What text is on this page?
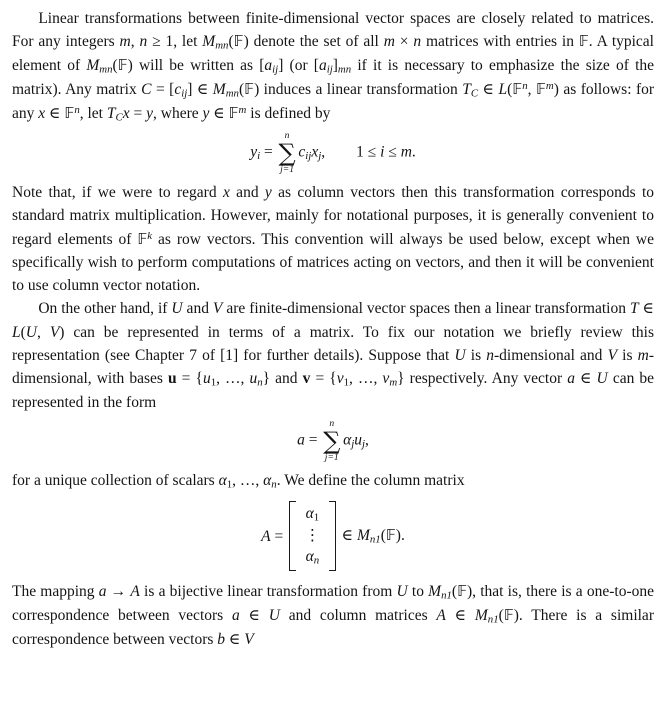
Linear transformations between finite-dimensional vector spaces are closely related to matrices. For any integers m, n ≥ 1, let Mmn(𝔽) denote the set of all m × n matrices with entries in 𝔽. A typical element of Mmn(𝔽) will be written as [aij] (or [aij]mn if it is necessary to emphasize the size of the matrix). Any matrix C = [cij] ∈ Mmn(𝔽) induces a linear transformation TC ∈ L(𝔽$^n$, 𝔽$^m$) as follows: for any x ∈ 𝔽$^n$, let TCx = y, where y ∈ 𝔽$^m$ is defined by

yi =
n
∑
j=1
cijxj,  1 ≤ i ≤ m.

Note that, if we were to regard x and y as column vectors then this transformation corresponds to standard matrix multiplication. However, mainly for notational purposes, it is generally convenient to regard elements of 𝔽$^k$ as row vectors. This convention will always be used below, except when we specifically wish to perform computations of matrices acting on vectors, and then it will be convenient to use column vector notation.

On the other hand, if U and V are finite-dimensional vector spaces then a linear transformation T ∈ L(U, V) can be represented in terms of a matrix. To fix our notation we briefly review this representation (see Chapter 7 of [1] for further details). Suppose that U is n-dimensional and V is m-dimensional, with bases u = {u1, …, un} and v = {v1, …, vm} respectively. Any vector a ∈ U can be represented in the form

a =
n
∑
j=1
αjuj,

for a unique collection of scalars α1, …, αn. We define the column matrix

A =
α1
⋮
αn
∈ Mn1(𝔽).

The mapping a → A is a bijective linear transformation from U to Mn1(𝔽), that is, there is a one-to-one correspondence between vectors a ∈ U and column matrices A ∈ Mn1(𝔽). There is a similar correspondence between vectors b ∈ V
